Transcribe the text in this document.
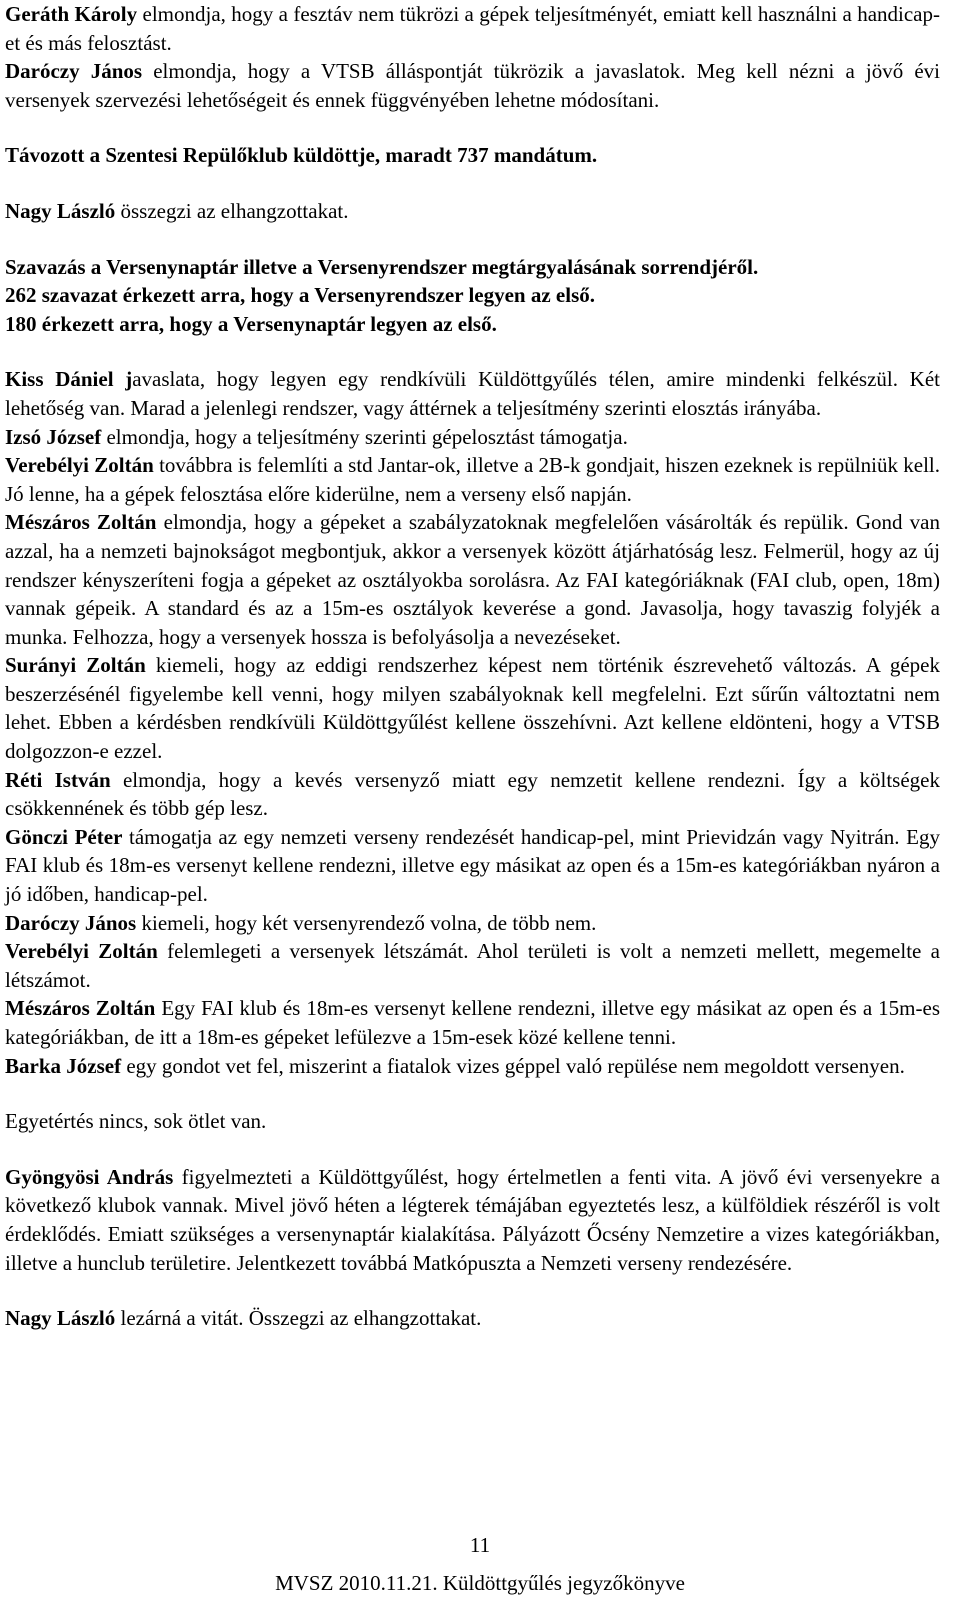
Geráth Károly elmondja, hogy a fesztáv nem tükrözi a gépek teljesítményét, emiatt kell használni a handicap-et és más felosztást.

Daróczy János elmondja, hogy a VTSB álláspontját tükrözik a javaslatok. Meg kell nézni a jövő évi versenyek szervezési lehetőségeit és ennek függvényében lehetne módosítani.

Távozott a Szentesi Repülőklub küldöttje, maradt 737 mandátum.

Nagy László összegzi az elhangzottakat.

Szavazás a Versenynaptár illetve a Versenyrendszer megtárgyalásának sorrendjéről.

262 szavazat érkezett arra, hogy a Versenyrendszer legyen az első.

180 érkezett arra, hogy a Versenynaptár legyen az első.

Kiss Dániel javaslata, hogy legyen egy rendkívüli Küldöttgyűlés télen, amire mindenki felkészül. Két lehetőség van. Marad a jelenlegi rendszer, vagy áttérnek a teljesítmény szerinti elosztás irányába.

Izsó József elmondja, hogy a teljesítmény szerinti gépelosztást támogatja.

Verebélyi Zoltán továbbra is felemlíti a std Jantar-ok, illetve a 2B-k gondjait, hiszen ezeknek is repülniük kell. Jó lenne, ha a gépek felosztása előre kiderülne, nem a verseny első napján.

Mészáros Zoltán elmondja, hogy a gépeket a szabályzatoknak megfelelően vásárolták és repülik. Gond van azzal, ha a nemzeti bajnokságot megbontjuk, akkor a versenyek között átjárhatóság lesz. Felmerül, hogy az új rendszer kényszeríteni fogja a gépeket az osztályokba sorolásra. Az FAI kategóriáknak (FAI club, open, 18m) vannak gépeik. A standard és az a 15m-es osztályok keverése a gond. Javasolja, hogy tavaszig folyjék a munka. Felhozza, hogy a versenyek hossza is befolyásolja a nevezéseket.

Surányi Zoltán kiemeli, hogy az eddigi rendszerhez képest nem történik észrevehető változás. A gépek beszerzésénél figyelembe kell venni, hogy milyen szabályoknak kell megfelelni. Ezt sűrűn változtatni nem lehet. Ebben a kérdésben rendkívüli Küldöttgyűlést kellene összehívni. Azt kellene eldönteni, hogy a VTSB dolgozzon-e ezzel.

Réti István elmondja, hogy a kevés versenyző miatt egy nemzetit kellene rendezni. Így a költségek csökkennének és több gép lesz.

Gönczi Péter támogatja az egy nemzeti verseny rendezését handicap-pel, mint Prievidzán vagy Nyitrán. Egy FAI klub és 18m-es versenyt kellene rendezni, illetve egy másikat az open és a 15m-es kategóriákban nyáron a jó időben, handicap-pel.

Daróczy János kiemeli, hogy két versenyrendező volna, de több nem.

Verebélyi Zoltán felemlegeti a versenyek létszámát. Ahol területi is volt a nemzeti mellett, megemelte a létszámot.

Mészáros Zoltán Egy FAI klub és 18m-es versenyt kellene rendezni, illetve egy másikat az open és a 15m-es kategóriákban, de itt a 18m-es gépeket lefülezve a 15m-esek közé kellene tenni.

Barka József egy gondot vet fel, miszerint a fiatalok vizes géppel való repülése nem megoldott versenyen.

Egyetértés nincs, sok ötlet van.

Gyöngyösi András figyelmezteti a Küldöttgyűlést, hogy értelmetlen a fenti vita. A jövő évi versenyekre a következő klubok vannak. Mivel jövő héten a légterek témájában egyeztetés lesz, a külföldiek részéről is volt érdeklődés. Emiatt szükséges a versenynaptár kialakítása. Pályázott Őcsény Nemzetire a vizes kategóriákban, illetve a hunclub területire. Jelentkezett továbbá Matkópuszta a Nemzeti verseny rendezésére.

Nagy László lezárná a vitát. Összegzi az elhangzottakat.

11
MVSZ 2010.11.21. Küldöttgyűlés jegyzőkönyve
